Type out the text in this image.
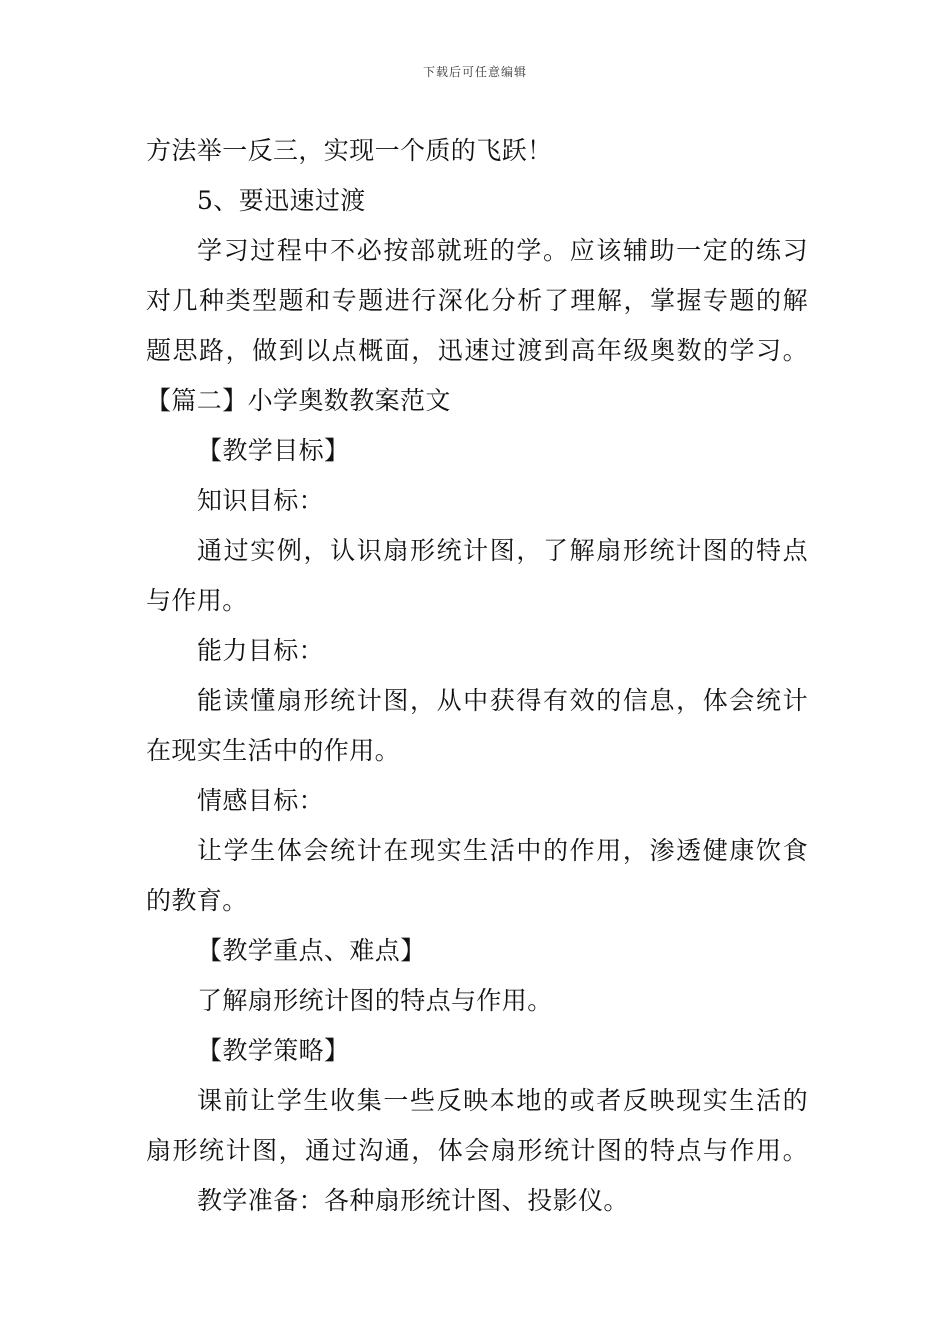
下载后可任意编辑
方法举一反三，实现一个质的飞跃！
5、要迅速过渡
学习过程中不必按部就班的学。应该辅助一定的练习
对几种类型题和专题进行深化分析了理解，掌握专题的解
题思路，做到以点概面，迅速过渡到高年级奥数的学习。
【篇二】小学奥数教案范文
【教学目标】
知识目标：
通过实例，认识扇形统计图，了解扇形统计图的特点
与作用。
能力目标：
能读懂扇形统计图，从中获得有效的信息，体会统计
在现实生活中的作用。
情感目标：
让学生体会统计在现实生活中的作用，渗透健康饮食
的教育。
【教学重点、难点】
了解扇形统计图的特点与作用。
【教学策略】
课前让学生收集一些反映本地的或者反映现实生活的
扇形统计图，通过沟通，体会扇形统计图的特点与作用。
教学准备：各种扇形统计图、投影仪。
